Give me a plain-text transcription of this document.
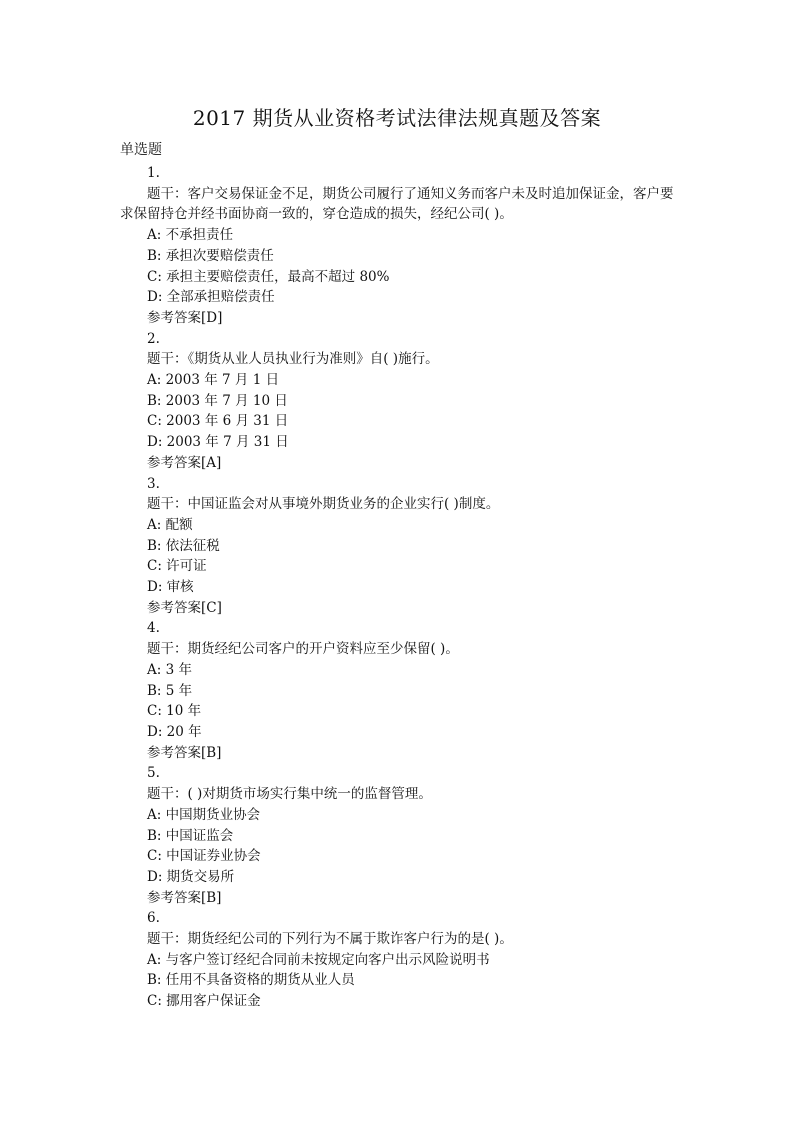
2017 期货从业资格考试法律法规真题及答案
单选题
1.
题干：客户交易保证金不足，期货公司履行了通知义务而客户未及时追加保证金，客户要求保留持仓并经书面协商一致的，穿仓造成的损失，经纪公司( )。
A: 不承担责任
B: 承担次要赔偿责任
C: 承担主要赔偿责任，最高不超过 80%
D: 全部承担赔偿责任
参考答案[D]
2.
题干：《期货从业人员执业行为准则》自( )施行。
A: 2003 年 7 月 1 日
B: 2003 年 7 月 10 日
C: 2003 年 6 月 31 日
D: 2003 年 7 月 31 日
参考答案[A]
3.
题干：中国证监会对从事境外期货业务的企业实行( )制度。
A: 配额
B: 依法征税
C: 许可证
D: 审核
参考答案[C]
4.
题干：期货经纪公司客户的开户资料应至少保留( )。
A: 3 年
B: 5 年
C: 10 年
D: 20 年
参考答案[B]
5.
题干：( )对期货市场实行集中统一的监督管理。
A: 中国期货业协会
B: 中国证监会
C: 中国证券业协会
D: 期货交易所
参考答案[B]
6.
题干：期货经纪公司的下列行为不属于欺诈客户行为的是( )。
A: 与客户签订经纪合同前未按规定向客户出示风险说明书
B: 任用不具备资格的期货从业人员
C: 挪用客户保证金
